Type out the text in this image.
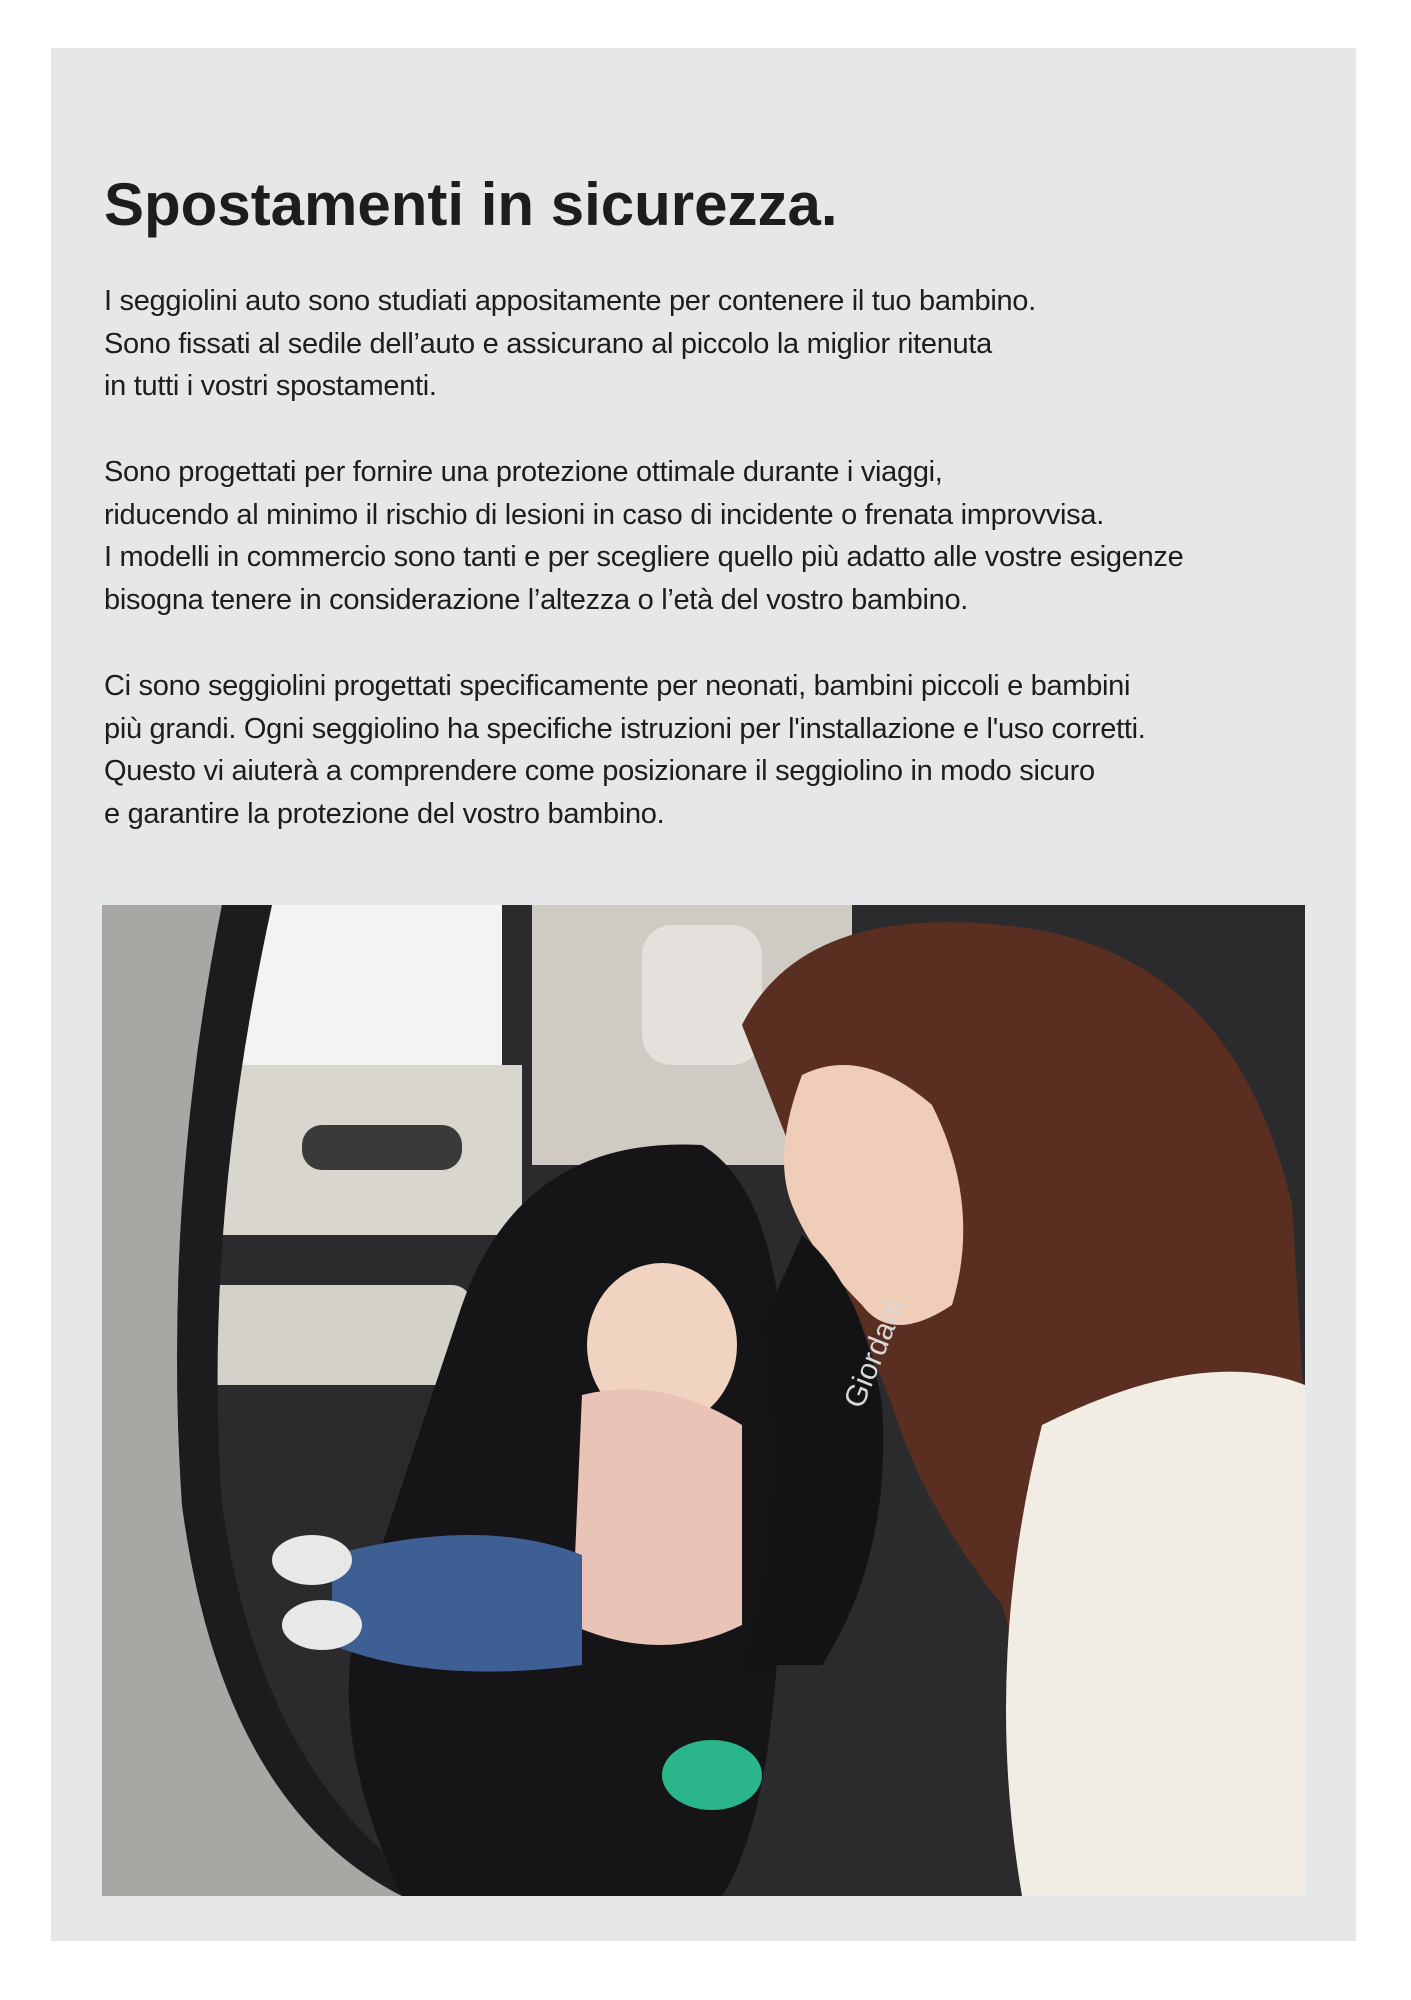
Spostamenti in sicurezza.
I seggiolini auto sono studiati appositamente per contenere il tuo bambino.
Sono fissati al sedile dell’auto e assicurano al piccolo la miglior ritenuta
in tutti i vostri spostamenti.
Sono progettati per fornire una protezione ottimale durante i viaggi,
riducendo al minimo il rischio di lesioni in caso di incidente o frenata improvvisa.
I modelli in commercio sono tanti e per scegliere quello più adatto alle vostre esigenze
bisogna tenere in considerazione l’altezza o l’età del vostro bambino.
Ci sono seggiolini progettati specificamente per neonati, bambini piccoli e bambini
più grandi. Ogni seggiolino ha specifiche istruzioni per l'installazione e l'uso corretti.
Questo vi aiuterà a comprendere come posizionare il seggiolino in modo sicuro
e garantire la protezione del vostro bambino.
Giordani
